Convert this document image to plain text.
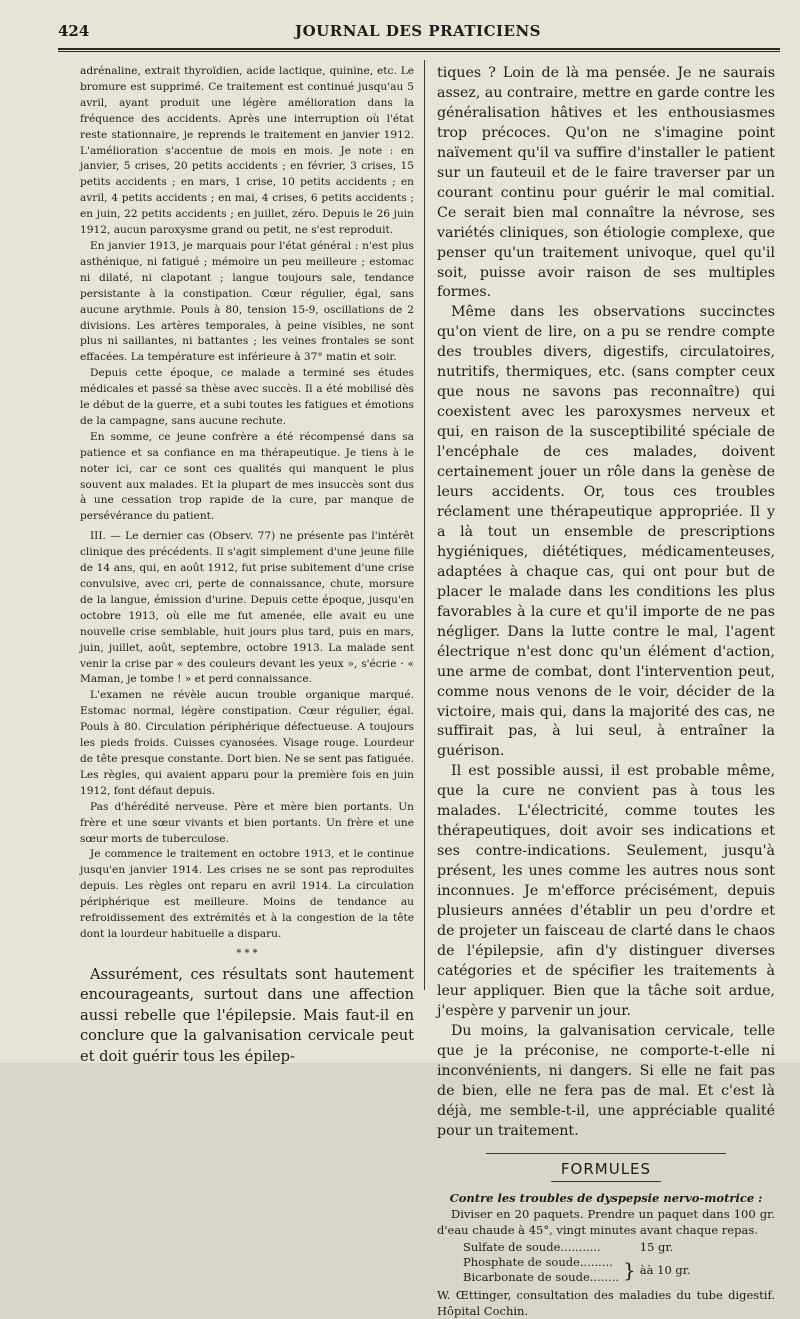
424	JOURNAL DES PRATICIENS

adrénaline, extrait thyroïdien, acide lactique, quinine, etc. Le bromure est supprimé. Ce traitement est continué jusqu'au 5 avril, ayant produit une légère amélioration dans la fréquence des accidents. Après une interruption où l'état reste stationnaire, je reprends le traitement en janvier 1912. L'amélioration s'accentue de mois en mois. Je note : en janvier, 5 crises, 20 petits accidents ; en février, 3 crises, 15 petits accidents ; en mars, 1 crise, 10 petits accidents ; en avril, 4 petits accidents ; en mai, 4 crises, 6 petits accidents ; en juin, 22 petits accidents ; en juillet, zéro. Depuis le 26 juin 1912, aucun paroxysme grand ou petit, ne s'est reproduit.

En janvier 1913, je marquais pour l'état général : n'est plus asthénique, ni fatigué ; mémoire un peu meilleure ; estomac ni dilaté, ni clapotant ; langue toujours sale, tendance persistante à la constipation. Cœur régulier, égal, sans aucune arythmie. Pouls à 80, tension 15-9, oscillations de 2 divisions. Les artères temporales, à peine visibles, ne sont plus ni saillantes, ni battantes ; les veines frontales se sont effacées. La température est inférieure à 37° matin et soir.

Depuis cette époque, ce malade a terminé ses études médicales et passé sa thèse avec succès. Il a été mobilisé dès le début de la guerre, et a subi toutes les fatigues et émotions de la campagne, sans aucune rechute.

En somme, ce jeune confrère a été récompensé dans sa patience et sa confiance en ma thérapeutique. Je tiens à le noter ici, car ce sont ces qualités qui manquent le plus souvent aux malades. Et la plupart de mes insuccès sont dus à une cessation trop rapide de la cure, par manque de persévérance du patient.

III. — Le dernier cas (Observ. 77) ne présente pas l'intérêt clinique des précédents. Il s'agit simplement d'une jeune fille de 14 ans, qui, en août 1912, fut prise subitement d'une crise convulsive, avec cri, perte de connaissance, chute, morsure de la langue, émission d'urine. Depuis cette époque, jusqu'en octobre 1913, où elle me fut amenée, elle avait eu une nouvelle crise semblable, huit jours plus tard, puis en mars, juin, juillet, août, septembre, octobre 1913. La malade sent venir la crise par « des couleurs devant les yeux », s'écrie · « Maman, je tombe ! » et perd connaissance.

L'examen ne révèle aucun trouble organique marqué. Estomac normal, légère constipation. Cœur régulier, égal. Pouls à 80. Circulation périphérique défectueuse. A toujours les pieds froids. Cuisses cyanosées. Visage rouge. Lourdeur de tête presque constante. Dort bien. Ne se sent pas fatiguée. Les règles, qui avaient apparu pour la première fois en juin 1912, font défaut depuis.

Pas d'hérédité nerveuse. Père et mère bien portants. Un frère et une sœur vivants et bien portants. Un frère et une sœur morts de tuberculose.

Je commence le traitement en octobre 1913, et le continue jusqu'en janvier 1914. Les crises ne se sont pas reproduites depuis. Les règles ont reparu en avril 1914. La circulation périphérique est meilleure. Moins de tendance au refroidissement des extrémités et à la congestion de la tête dont la lourdeur habituelle a disparu.

* * *

Assurément, ces résultats sont hautement encourageants, surtout dans une affection aussi rebelle que l'épilepsie. Mais faut-il en conclure que la galvanisation cervicale peut et doit guérir tous les épilep-

tiques ? Loin de là ma pensée. Je ne saurais assez, au contraire, mettre en garde contre les généralisation hâtives et les enthousiasmes trop précoces. Qu'on ne s'imagine point naïvement qu'il va suffire d'installer le patient sur un fauteuil et de le faire traverser par un courant continu pour guérir le mal comitial. Ce serait bien mal connaître la névrose, ses variétés cliniques, son étiologie complexe, que penser qu'un traitement univoque, quel qu'il soit, puisse avoir raison de ses multiples formes.

Même dans les observations succinctes qu'on vient de lire, on a pu se rendre compte des troubles divers, digestifs, circulatoires, nutritifs, thermiques, etc. (sans compter ceux que nous ne savons pas reconnaître) qui coexistent avec les paroxysmes nerveux et qui, en raison de la susceptibilité spéciale de l'encéphale de ces malades, doivent certainement jouer un rôle dans la genèse de leurs accidents. Or, tous ces troubles réclament une thérapeutique appropriée. Il y a là tout un ensemble de prescriptions hygiéniques, diététiques, médicamenteuses, adaptées à chaque cas, qui ont pour but de placer le malade dans les conditions les plus favorables à la cure et qu'il importe de ne pas négliger. Dans la lutte contre le mal, l'agent électrique n'est donc qu'un élément d'action, une arme de combat, dont l'intervention peut, comme nous venons de le voir, décider de la victoire, mais qui, dans la majorité des cas, ne suffirait pas, à lui seul, à entraîner la guérison.

Il est possible aussi, il est probable même, que la cure ne convient pas à tous les malades. L'électricité, comme toutes les thérapeutiques, doit avoir ses indications et ses contre-indications. Seulement, jusqu'à présent, les unes comme les autres nous sont inconnues. Je m'efforce précisément, depuis plusieurs années d'établir un peu d'ordre et de projeter un faisceau de clarté dans le chaos de l'épilepsie, afin d'y distinguer diverses catégories et de spécifier les traitements à leur appliquer. Bien que la tâche soit ardue, j'espère y parvenir un jour.

Du moins, la galvanisation cervicale, telle que je la préconise, ne comporte-t-elle ni inconvénients, ni dangers. Si elle ne fait pas de bien, elle ne fera pas de mal. Et c'est là déjà, me semble-t-il, une appréciable qualité pour un traitement.

FORMULES
Contre les troubles de dyspepsie nervo-motrice :

Diviser en 20 paquets. Prendre un paquet dans 100 gr. d'eau chaude à 45°, vingt minutes avant chaque repas.

Sulfate de soude...........		15 gr.
Phosphate de soude.........	}	àà 10 gr.
Bicarbonate de soude........		

W. Œttinger, consultation des maladies du tube digestif. Hôpital Cochin.
